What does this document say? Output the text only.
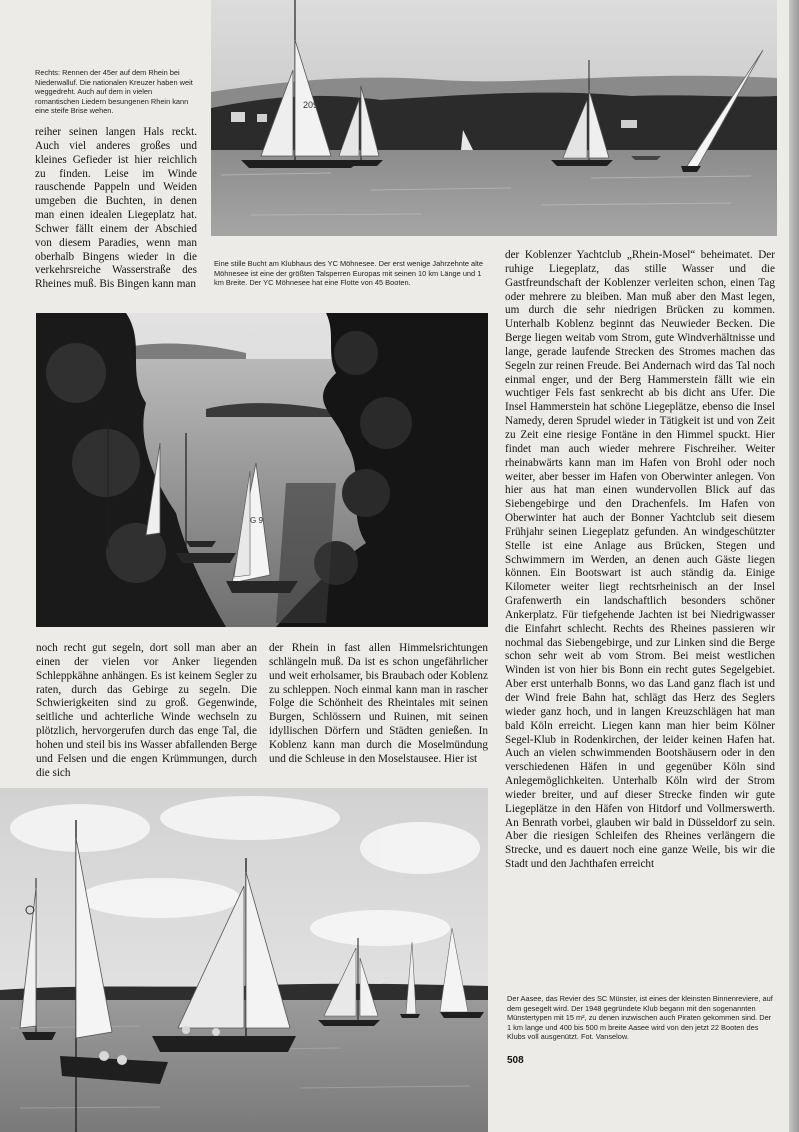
209

Rechts: Rennen der 45er auf dem Rhein bei Niederwalluf. Die nationalen Kreuzer haben weit weggedreht. Auch auf dem in vielen romantischen Liedern besungenen Rhein kann eine steife Brise wehen.

reiher seinen langen Hals reckt. Auch viel anderes großes und kleines Gefieder ist hier reichlich zu finden. Leise im Winde rauschende Pappeln und Weiden umgeben die Buchten, in denen man einen idealen Liegeplatz hat. Schwer fällt einem der Abschied von diesem Paradies, wenn man oberhalb Bingens wieder in die verkehrsreiche Wasserstraße des Rheines muß. Bis Bingen kann man

Eine stille Bucht am Klubhaus des YC Möhnesee. Der erst wenige Jahrzehnte alte Möhnesee ist eine der größten Talsperren Europas mit seinen 10 km Länge und 1 km Breite. Der YC Möhnesee hat eine Flotte von 45 Booten.

G 9

noch recht gut segeln, dort soll man aber an einen der vielen vor Anker liegenden Schleppkähne anhängen. Es ist keinem Segler zu raten, durch das Gebirge zu segeln. Die Schwierigkeiten sind zu groß. Gegenwinde, seitliche und achterliche Winde wechseln zu plötzlich, hervorgerufen durch das enge Tal, die hohen und steil bis ins Wasser abfallenden Berge und Felsen und die engen Krümmungen, durch die sich

der Rhein in fast allen Himmelsrichtungen schlängeln muß. Da ist es schon ungefährlicher und weit erholsamer, bis Braubach oder Koblenz zu schleppen. Noch einmal kann man in rascher Folge die Schönheit des Rheintales mit seinen Burgen, Schlössern und Ruinen, mit seinen idyllischen Dörfern und Städten genießen. In Koblenz kann man durch die Moselmündung und die Schleuse in den Moselstausee. Hier ist

der Koblenzer Yachtclub „Rhein-Mosel“ beheimatet. Der ruhige Liegeplatz, das stille Wasser und die Gastfreundschaft der Koblenzer verleiten schon, einen Tag oder mehrere zu bleiben. Man muß aber den Mast legen, um durch die sehr niedrigen Brücken zu kommen. Unterhalb Koblenz beginnt das Neuwieder Becken. Die Berge liegen weitab vom Strom, gute Windverhältnisse und lange, gerade laufende Strecken des Stromes machen das Segeln zur reinen Freude. Bei Andernach wird das Tal noch einmal enger, und der Berg Hammerstein fällt wie ein wuchtiger Fels fast senkrecht ab bis dicht ans Ufer. Die Insel Hammerstein hat schöne Liegeplätze, ebenso die Insel Namedy, deren Sprudel wieder in Tätigkeit ist und von Zeit zu Zeit eine riesige Fontäne in den Himmel spuckt. Hier findet man auch wieder mehrere Fischreiher. Weiter rheinabwärts kann man im Hafen von Brohl oder noch weiter, aber besser im Hafen von Oberwinter anlegen. Von hier aus hat man einen wundervollen Blick auf das Siebengebirge und den Drachenfels. Im Hafen von Oberwinter hat auch der Bonner Yachtclub seit diesem Frühjahr seinen Liegeplatz gefunden. An windgeschützter Stelle ist eine Anlage aus Brücken, Stegen und Schwimmern im Werden, an denen auch Gäste liegen können. Ein Bootswart ist auch ständig da. Einige Kilometer weiter liegt rechtsrheinisch an der Insel Grafenwerth ein landschaftlich besonders schöner Ankerplatz. Für tiefgehende Jachten ist bei Niedrigwasser die Einfahrt schlecht. Rechts des Rheines passieren wir nochmal das Siebengebirge, und zur Linken sind die Berge schon sehr weit ab vom Strom. Bei meist westlichen Winden ist von hier bis Bonn ein recht gutes Segelgebiet. Aber erst unterhalb Bonns, wo das Land ganz flach ist und der Wind freie Bahn hat, schlägt das Herz des Seglers wieder ganz hoch, und in langen Kreuzschlägen hat man bald Köln erreicht. Liegen kann man hier beim Kölner Segel-Klub in Rodenkirchen, der leider keinen Hafen hat. Auch an vielen schwimmenden Bootshäusern oder in den verschiedenen Häfen in und gegenüber Köln sind Anlegemöglichkeiten. Unterhalb Köln wird der Strom wieder breiter, und auf dieser Strecke finden wir gute Liegeplätze in den Häfen von Hitdorf und Vollmerswerth. An Benrath vorbei, glauben wir bald in Düsseldorf zu sein. Aber die riesigen Schleifen des Rheines verlängern die Strecke, und es dauert noch eine ganze Weile, bis wir die Stadt und den Jachthafen erreicht

Der Aasee, das Revier des SC Münster, ist eines der kleinsten Binnenreviere, auf dem gesegelt wird. Der 1948 gegründete Klub begann mit den sogenannten Münstertypen mit 15 m², zu denen inzwischen auch Piraten gekommen sind. Der 1 km lange und 400 bis 500 m breite Aasee wird von den jetzt 22 Booten des Klubs voll ausgenützt. Fot. Vanselow.

508
